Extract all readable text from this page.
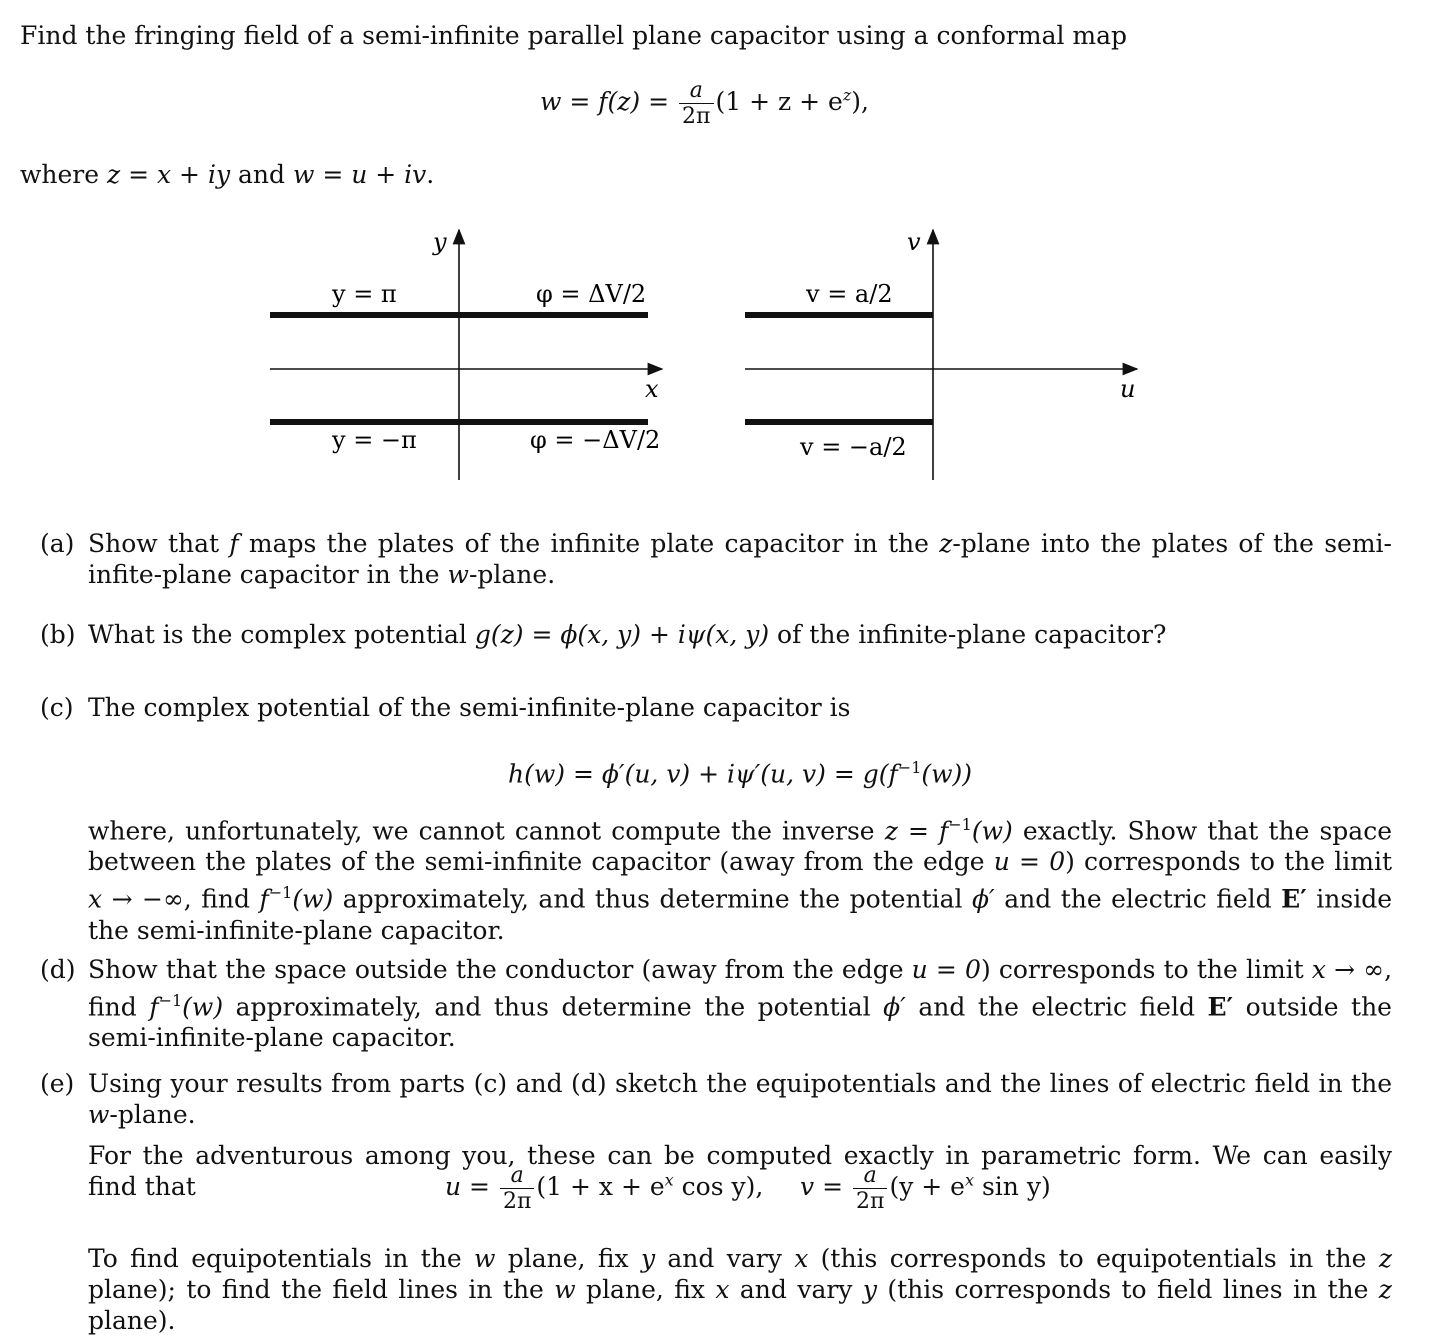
Find the fringing field of a semi-infinite parallel plane capacitor using a conformal map
$w = f(z) = \frac{a}{2\pi} (1 + z + e^z)$,
where z = x + iy and w = u + iv.
y
x
y = π
y = −π
φ = ΔV/2
φ = −ΔV/2
v
u
v = a/2
v = −a/2
(a) Show that f maps the plates of the infinite plate capacitor in the z-plane into the plates of the semi-infite-plane capacitor in the w-plane.
(b) What is the complex potential g(z) = ϕ(x, y) + iψ(x, y) of the infinite-plane capacitor?
(c) The complex potential of the semi-infinite-plane capacitor is
h(w) = ϕ′(u, v) + iψ′(u, $v) = g(f^{-1}(w))$
where, unfortunately, we cannot cannot compute the inverse $z = f^{-1}(w)$ exactly. Show that the space between the plates of the semi-infinite capacitor (away from the edge u = 0) corresponds to the limit x → −∞, find $f^{-1}(w)$ approximately, and thus determine the potential ϕ′ and the electric field E′ inside the semi-infinite-plane capacitor.
(d) Show that the space outside the conductor (away from the edge u = 0) corresponds to the limit x → ∞, find $f^{-1}(w)$ approximately, and thus determine the potential ϕ′ and the electric field E′ outside the semi-infinite-plane capacitor.
(e) Using your results from parts (c) and (d) sketch the equipotentials and the lines of electric field in the w-plane.
For the adventurous among you, these can be computed exactly in parametric form. We can easily find that	$u = \frac{a}{2\pi} (1 + x + e^x$ cos y), $v = \frac{a}{2\pi} (y + e^x$ sin y)
To find equipotentials in the w plane, fix y and vary x (this corresponds to equipotentials in the z plane); to find the field lines in the w plane, fix x and vary y (this corresponds to field lines in the z plane).
